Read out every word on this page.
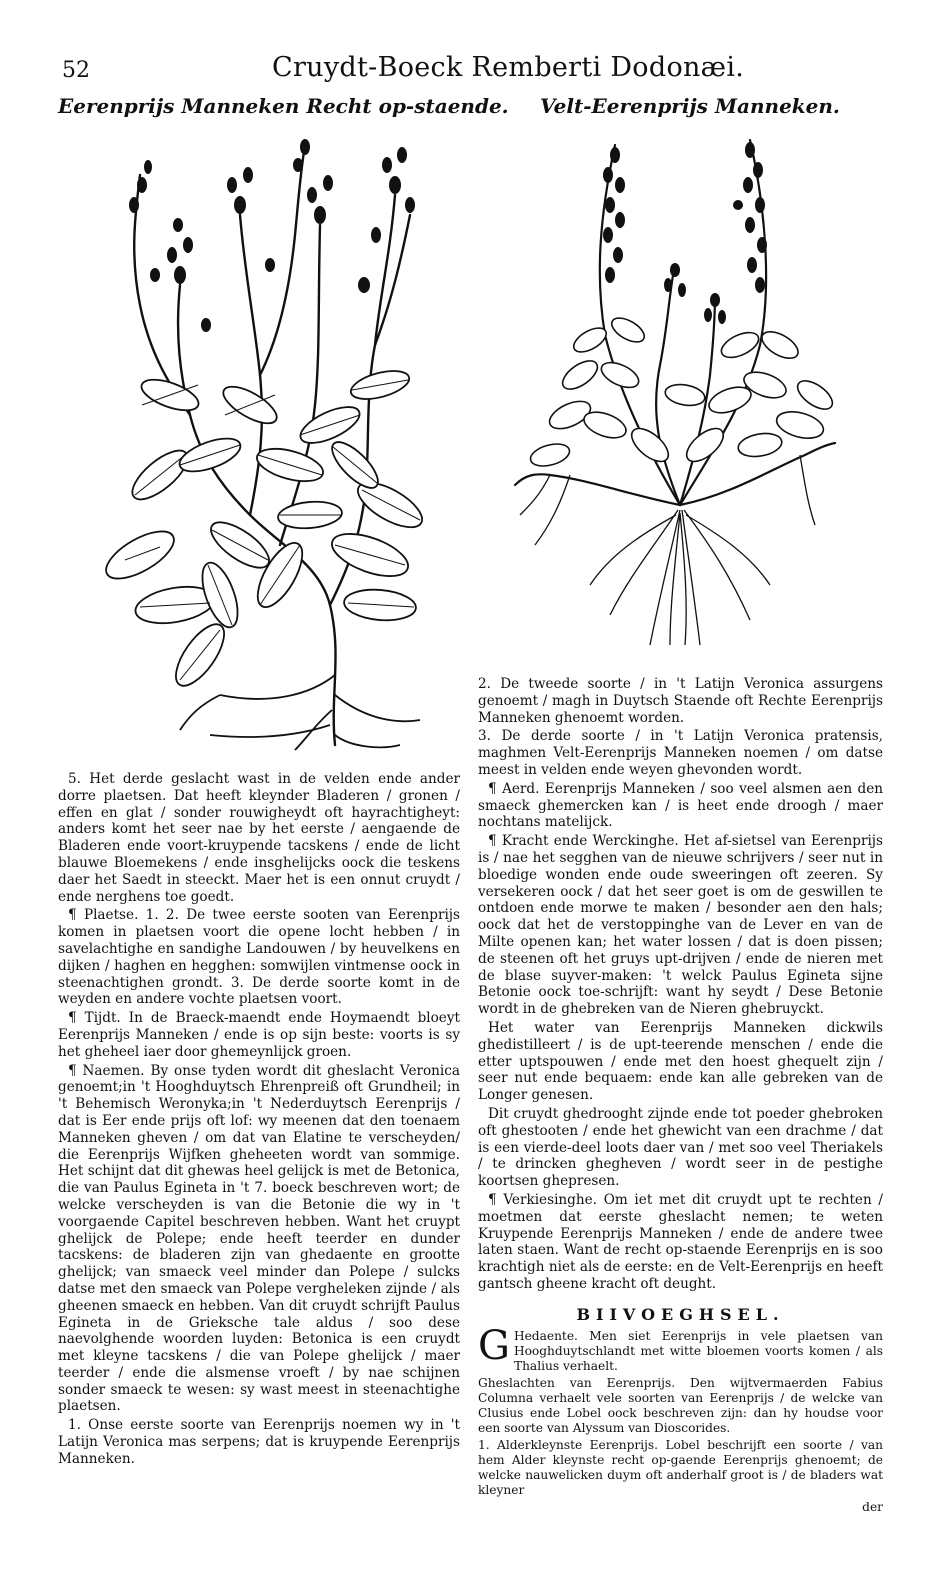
52	Cruydt-Boeck Remberti Dodonæi.
Eerenprijs Manneken Recht op-staende. Velt-Eerenprijs Manneken.

5. Het derde geslacht wast in de velden ende ander dorre plaetsen. Dat heeft kleynder Bladeren / gronen / effen en glat / sonder rouwigheydt oft hayrachtigheyt: anders komt het seer nae by het eerste / aengaende de Bladeren ende voort-kruypende tacskens / ende de licht blauwe Bloemekens / ende insghelijcks oock die teskens daer het Saedt in steeckt. Maer het is een onnut cruydt / ende nerghens toe goedt.

¶ Plaetse. 1. 2. De twee eerste sooten van Eerenprijs komen in plaetsen voort die opene locht hebben / in savelachtighe en sandighe Landouwen / by heuvelkens en dijken / haghen en hegghen: somwijlen vintmense oock in steenachtighen grondt. 3. De derde soorte komt in de weyden en andere vochte plaetsen voort.

¶ Tijdt. In de Braeck-maendt ende Hoymaendt bloeyt Eerenprijs Manneken / ende is op sijn beste: voorts is sy het gheheel iaer door ghemeynlijck groen.

¶ Naemen. By onse tyden wordt dit gheslacht Veronica genoemt;in 't Hooghduytsch Ehrenpreiß oft Grundheil; in 't Behemisch Weronyka;in 't Nederduytsch Eerenprijs / dat is Eer ende prijs oft lof: wy meenen dat den toenaem Manneken gheven / om dat van Elatine te verscheyden/ die Eerenprijs Wijfken gheheeten wordt van sommige. Het schijnt dat dit ghewas heel gelijck is met de Betonica, die van Paulus Egineta in 't 7. boeck beschreven wort; de welcke verscheyden is van die Betonie die wy in 't voorgaende Capitel beschreven hebben. Want het cruypt ghelijck de Polepe; ende heeft teerder en dunder tacskens: de bladeren zijn van ghedaente en grootte ghelijck; van smaeck veel minder dan Polepe / sulcks datse met den smaeck van Polepe vergheleken zijnde / als gheenen smaeck en hebben. Van dit cruydt schrijft Paulus Egineta in de Grieksche tale aldus / soo dese naevolghende woorden luyden: Betonica is een cruydt met kleyne tacskens / die van Polepe ghelijck / maer teerder / ende die alsmense vroeft / by nae schijnen sonder smaeck te wesen: sy wast meest in steenachtighe plaetsen.

1. Onse eerste soorte van Eerenprijs noemen wy in 't Latijn Veronica mas serpens; dat is kruypende Eerenprijs Manneken.

2. De tweede soorte / in 't Latijn Veronica assurgens genoemt / magh in Duytsch Staende oft Rechte Eerenprijs Manneken ghenoemt worden.

3. De derde soorte / in 't Latijn Veronica pratensis, maghmen Velt-Eerenprijs Manneken noemen / om datse meest in velden ende weyen ghevonden wordt.

¶ Aerd. Eerenprijs Manneken / soo veel alsmen aen den smaeck ghemercken kan / is heet ende droogh / maer nochtans matelijck.

¶ Kracht ende Werckinghe. Het af-sietsel van Eerenprijs is / nae het segghen van de nieuwe schrijvers / seer nut in bloedige wonden ende oude sweeringen oft zeeren. Sy versekeren oock / dat het seer goet is om de geswillen te ontdoen ende morwe te maken / besonder aen den hals; oock dat het de verstoppinghe van de Lever en van de Milte openen kan; het water lossen / dat is doen pissen; de steenen oft het gruys upt-drijven / ende de nieren met de blase suyver-maken: 't welck Paulus Egineta sijne Betonie oock toe-schrijft: want hy seydt / Dese Betonie wordt in de ghebreken van de Nieren ghebruyckt.

Het water van Eerenprijs Manneken dickwils ghedistilleert / is de upt-teerende menschen / ende die etter uptspouwen / ende met den hoest ghequelt zijn / seer nut ende bequaem: ende kan alle gebreken van de Longer genesen.

Dit cruydt ghedrooght zijnde ende tot poeder ghebroken oft ghestooten / ende het ghewicht van een drachme / dat is een vierde-deel loots daer van / met soo veel Theriakels / te drincken ghegheven / wordt seer in de pestighe koortsen ghepresen.

¶ Verkiesinghe. Om iet met dit cruydt upt te rechten / moetmen dat eerste gheslacht nemen; te weten Kruypende Eerenprijs Manneken / ende de andere twee laten staen. Want de recht op-staende Eerenprijs en is soo krachtigh niet als de eerste: en de Velt-Eerenprijs en heeft gantsch gheene kracht oft deught.

BIIVOEGHSEL.

G Hedaente. Men siet Eerenprijs in vele plaetsen van Hooghduytschlandt met witte bloemen voorts komen / als Thalius verhaelt.

Gheslachten van Eerenprijs. Den wijtvermaerden Fabius Columna verhaelt vele soorten van Eerenprijs / de welcke van Clusius ende Lobel oock beschreven zijn: dan hy houdse voor een soorte van Alyssum van Dioscorides.

1. Alderkleynste Eerenprijs. Lobel beschrijft een soorte / van hem Alder kleynste recht op-gaende Eerenprijs ghenoemt; de welcke nauwelicken duym oft anderhalf groot is / de bladers wat kleyner

der
